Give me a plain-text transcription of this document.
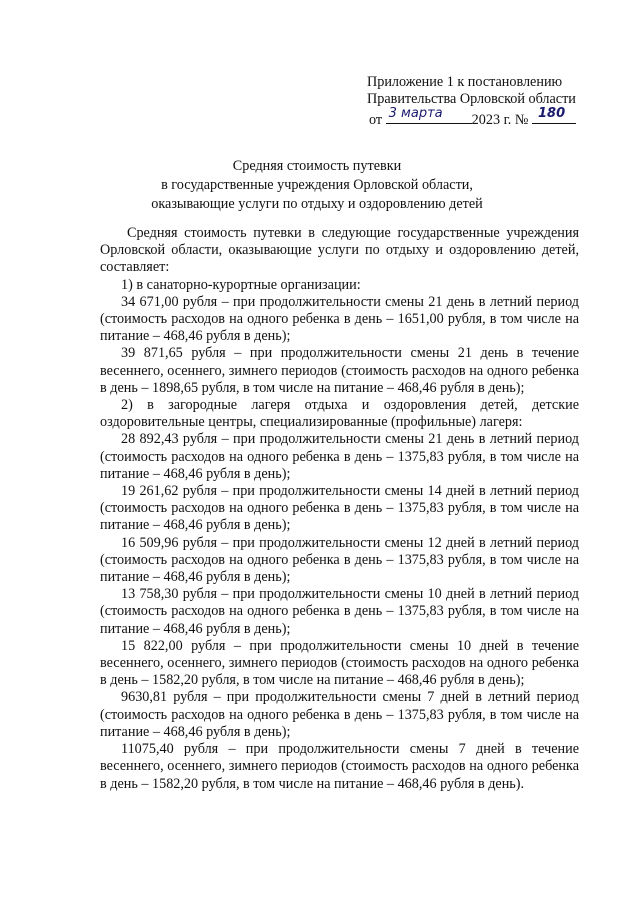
Приложение 1 к постановлению
Правительства Орловской области
от 3 марта 2023 г. № 180
Средняя стоимость путевки
в государственные учреждения Орловской области,
оказывающие услуги по отдыху и оздоровлению детей

Средняя стоимость путевки в следующие государственные учреждения Орловской области, оказывающие услуги по отдыху и оздоровлению детей, составляет:

1) в санаторно-курортные организации:

34 671,00 рубля – при продолжительности смены 21 день в летний период (стоимость расходов на одного ребенка в день – 1651,00 рубля, в том числе на питание – 468,46 рубля в день);

39 871,65 рубля – при продолжительности смены 21 день в течение весеннего, осеннего, зимнего периодов (стоимость расходов на одного ребенка в день – 1898,65 рубля, в том числе на питание – 468,46 рубля в день);

2) в загородные лагеря отдыха и оздоровления детей, детские оздоровительные центры, специализированные (профильные) лагеря:

28 892,43 рубля – при продолжительности смены 21 день в летний период (стоимость расходов на одного ребенка в день – 1375,83 рубля, в том числе на питание – 468,46 рубля в день);

19 261,62 рубля – при продолжительности смены 14 дней в летний период (стоимость расходов на одного ребенка в день – 1375,83 рубля, в том числе на питание – 468,46 рубля в день);

16 509,96 рубля – при продолжительности смены 12 дней в летний период (стоимость расходов на одного ребенка в день – 1375,83 рубля, в том числе на питание – 468,46 рубля в день);

13 758,30 рубля – при продолжительности смены 10 дней в летний период (стоимость расходов на одного ребенка в день – 1375,83 рубля, в том числе на питание – 468,46 рубля в день);

15 822,00 рубля – при продолжительности смены 10 дней в течение весеннего, осеннего, зимнего периодов (стоимость расходов на одного ребенка в день – 1582,20 рубля, в том числе на питание – 468,46 рубля в день);

9630,81 рубля – при продолжительности смены 7 дней в летний период (стоимость расходов на одного ребенка в день – 1375,83 рубля, в том числе на питание – 468,46 рубля в день);

11075,40 рубля – при продолжительности смены 7 дней в течение весеннего, осеннего, зимнего периодов (стоимость расходов на одного ребенка в день – 1582,20 рубля, в том числе на питание – 468,46 рубля в день).
